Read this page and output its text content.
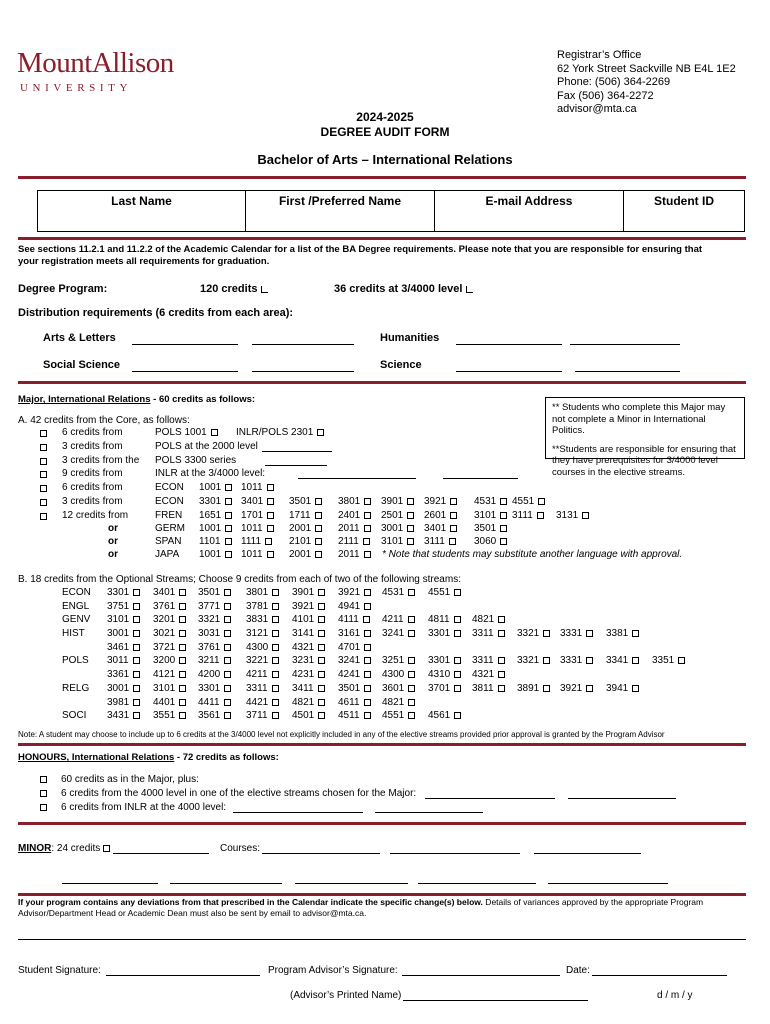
MountAllison
UNIVERSITY
Registrar’s Office
62 York Street Sackville NB E4L 1E2
Phone: (506) 364-2269
Fax (506) 364-2272
advisor@mta.ca
2024-2025
DEGREE AUDIT FORM
Bachelor of Arts – International Relations
Last Name	First /Preferred Name	E-mail Address	Student ID
See sections 11.2.1 and 11.2.2 of the Academic Calendar for a list of the BA Degree requirements. Please note that you are responsible for ensuring that
your registration meets all requirements for graduation.
Degree Program:	120 credits	36 credits at 3/4000 level
Distribution requirements (6 credits from each area):
Arts & Letters	Humanities
Social Science	Science
Major, International Relations - 60 credits as follows:
** Students who complete this Major may not complete a Minor in International Politics.
**Students are responsible for ensuring that they have prerequisites for 3/4000 level courses in the elective streams.
A. 42 credits from the Core, as follows:
6 credits from	POLS 1001	INLR/POLS 2301
3 credits from	POLS at the 2000 level
3 credits from the POLS 3300 series
9 credits from	INLR at the 3/4000 level:
6 credits from	ECON 1001	1011
3 credits from	ECON 3301	3401	3501	3801	3901	3921	4531	4551
12 credits from	FREN 1651	1701	1711	2401	2501	2601	3101	3111	3131
or	GERM 1001	1011	2001	2011	3001	3401	3501
or	SPAN 1101	1111	2101	2111	3101	3111	3060
or	JAPA 1001	1011	2001	2011
ECON 3301	3401	3501	3801	3901	3921	4531	4551
ENGL 3751	3761	3771	3781	3921	4941
GENV 3101	3201	3321	3831	4101	4111	4211	4811	4821
HIST 3001	3021	3031	3121	3141	3161	3241	3301	3311	3321	3331	3381
3461	3721	3761	4300	4321	4701
POLS 3011	3200	3211	3221	3231	3241	3251	3301	3311	3321	3331	3341	3351
3361	4121	4200	4211	4231	4241	4300	4310	4321
RELG 3001	3101	3301	3311	3411	3501	3601	3701	3811	3891	3921	3941
3981	4401	4411	4421	4821	4611	4821
SOCI 3431	3551	3561	3711	4501	4511	4551	4561
* Note that students may substitute another language with approval.
B. 18 credits from the Optional Streams; Choose 9 credits from each of two of the following streams:
Note: A student may choose to include up to 6 credits at the 3/4000 level not explicitly included in any of the elective streams provided prior approval is granted by the Program Advisor
HONOURS, International Relations - 72 credits as follows:
60 credits as in the Major, plus:
6 credits from the 4000 level in one of the elective streams chosen for the Major:
6 credits from INLR at the 4000 level:
MINOR: 24 credits	Courses:
If your program contains any deviations from that prescribed in the Calendar indicate the specific change(s) below. Details of variances approved by the appropriate Program
Advisor/Department Head or Academic Dean must also be sent by email to advisor@mta.ca.
Student Signature:	Program Advisor’s Signature:	Date:
(Advisor’s Printed Name)	d / m / y
